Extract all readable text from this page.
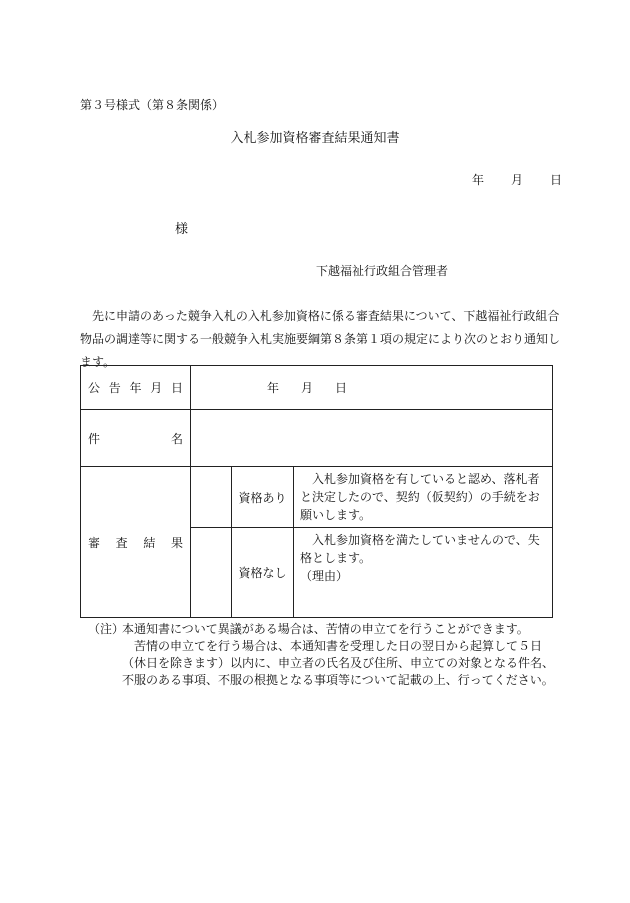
第３号様式（第８条関係）
入札参加資格審査結果通知書
年 月 日
様
下越福祉行政組合管理者
先に申請のあった競争入札の入札参加資格に係る審査結果について、下越福祉行政組合物品の調達等に関する一般競争入札実施要綱第８条第１項の規定により次のとおり通知します。
公 告 年 月 日	年 月 日		

件 名			

審 査 結 果		資格あり	入札参加資格を有していると認め、落札者と決定したので、契約（仮契約）の手続をお願いします。

		資格なし	入札参加資格を満たしていませんので、失格とします。
（理由）
（注）
本通知書について異議がある場合は、苦情の申立てを行うことができます。
苦情の申立てを行う場合は、本通知書を受理した日の翌日から起算して５日（休日を除きます）以内に、申立者の氏名及び住所、申立ての対象となる件名、不服のある事項、不服の根拠となる事項等について記載の上、行ってください。
